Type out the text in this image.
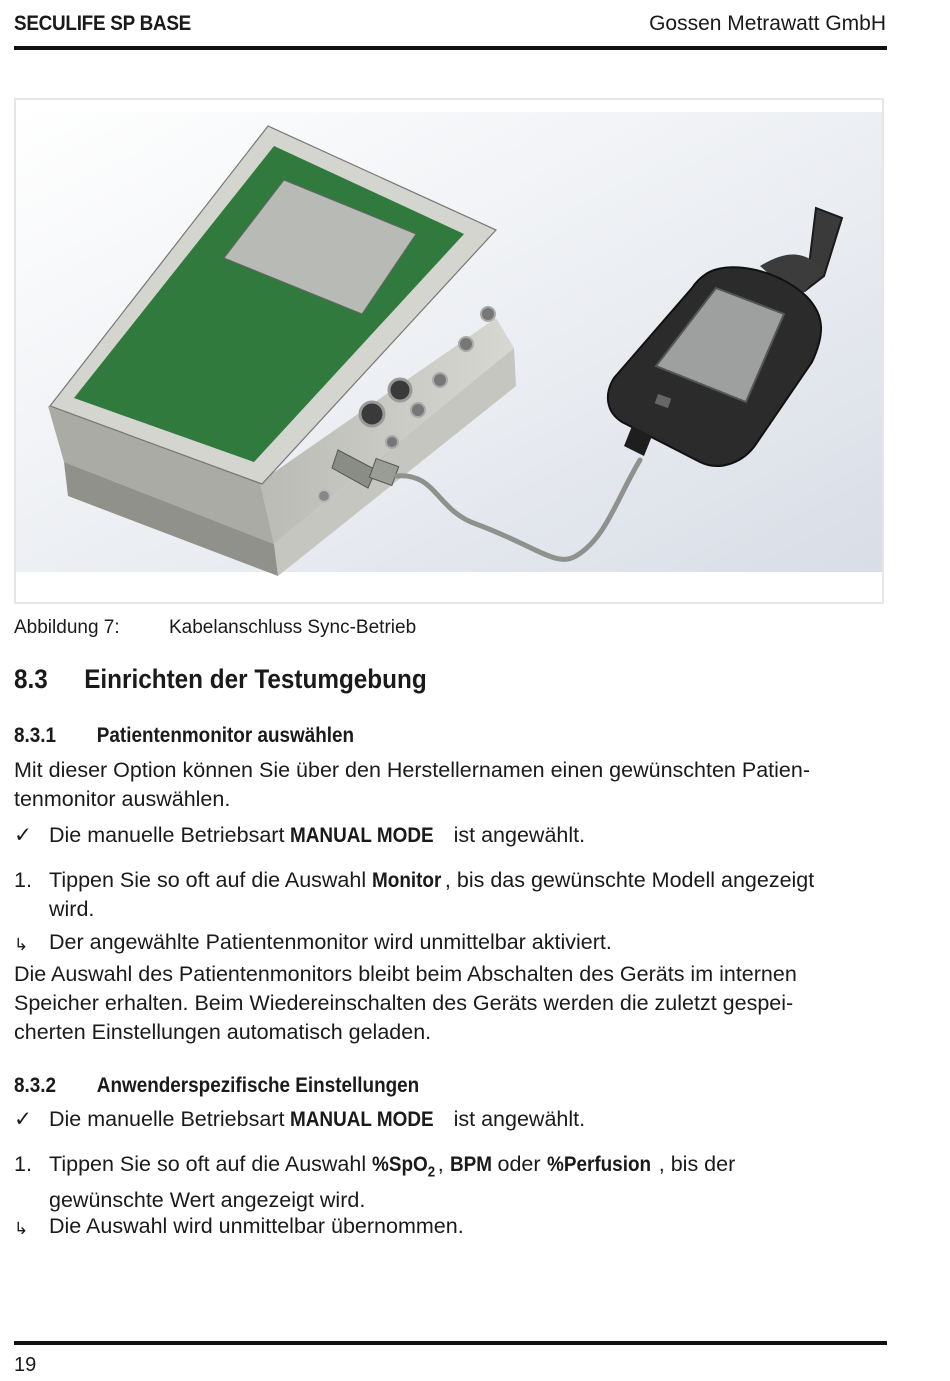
SECULIFE SP BASE	Gossen Metrawatt GmbH
Abbildung 7:	Kabelanschluss Sync-Betrieb
8.3 Einrichten der Testumgebung
8.3.1 Patientenmonitor auswählen
Mit dieser Option können Sie über den Herstellernamen einen gewünschten Patien-
tenmonitor auswählen.
✓ Die manuelle Betriebsart MANUAL MODE ist angewählt.
1. Tippen Sie so oft auf die Auswahl Monitor , bis das gewünschte Modell angezeigt
wird.
↳ Der angewählte Patientenmonitor wird unmittelbar aktiviert.
Die Auswahl des Patientenmonitors bleibt beim Abschalten des Geräts im internen
Speicher erhalten. Beim Wiedereinschalten des Geräts werden die zuletzt gespei-
cherten Einstellungen automatisch geladen.
8.3.2 Anwenderspezifische Einstellungen
✓ Die manuelle Betriebsart MANUAL MODE ist angewählt.
1. Tippen Sie so oft auf die Auswahl %SpO$_2$ , BPM oder %Perfusion , bis der
gewünschte Wert angezeigt wird.
↳ Die Auswahl wird unmittelbar übernommen.
19
